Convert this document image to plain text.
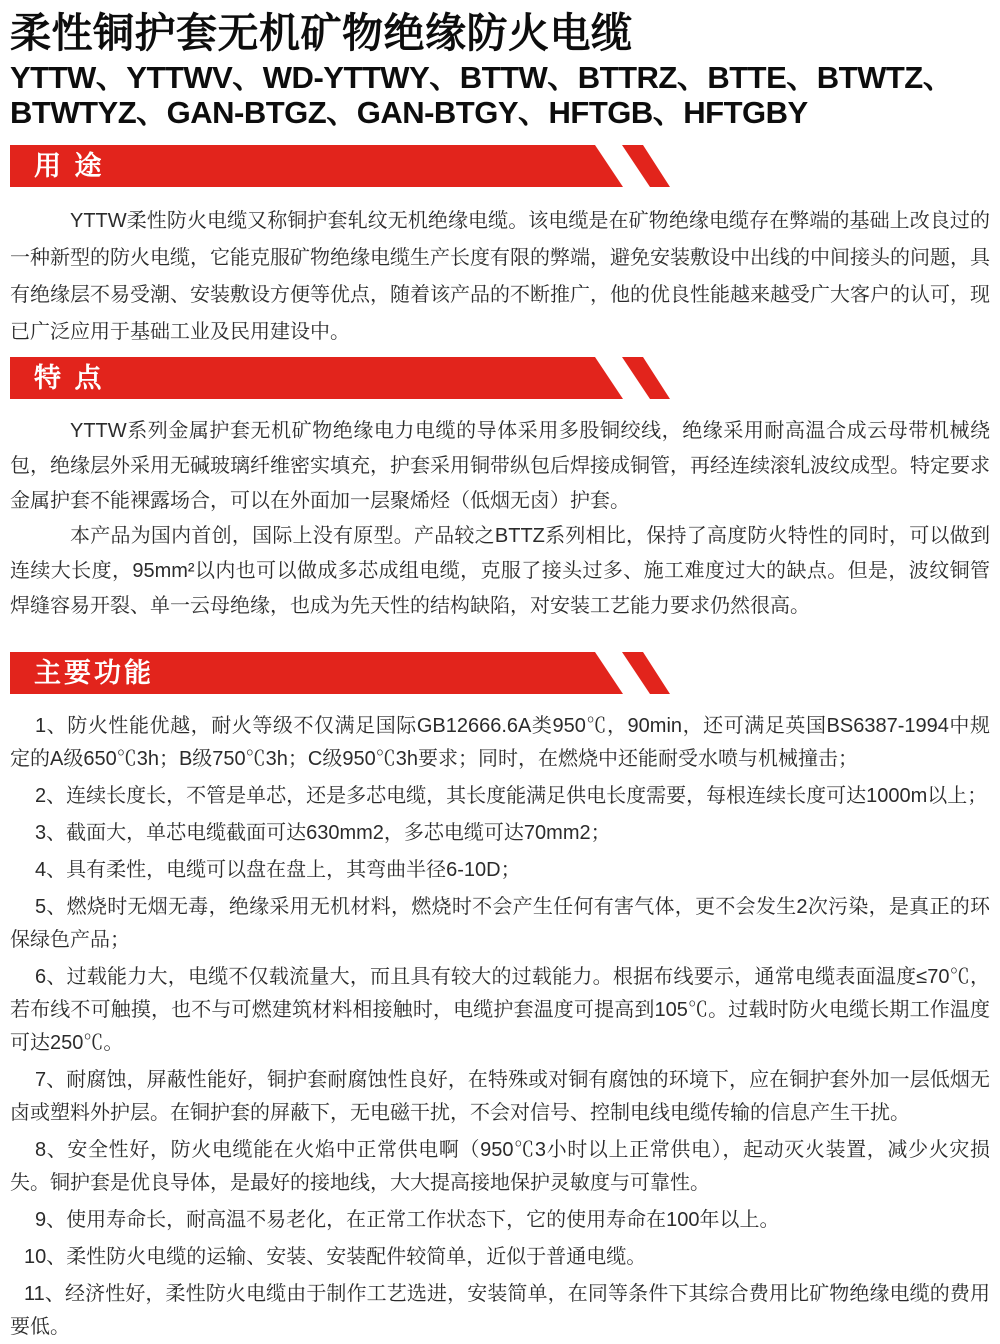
柔性铜护套无机矿物绝缘防火电缆
YTTW、YTTWV、WD-YTTWY、BTTW、BTTRZ、BTTE、BTWTZ、
BTWTYZ、GAN-BTGZ、GAN-BTGY、HFTGB、HFTGBY
用 途

YTTW柔性防火电缆又称铜护套轧纹无机绝缘电缆。该电缆是在矿物绝缘电缆存在弊端的基础上改良过的一种新型的防火电缆，它能克服矿物绝缘电缆生产长度有限的弊端，避免安装敷设中出线的中间接头的问题，具有绝缘层不易受潮、安装敷设方便等优点，随着该产品的不断推广，他的优良性能越来越受广大客户的认可，现已广泛应用于基础工业及民用建设中。

特 点

YTTW系列金属护套无机矿物绝缘电力电缆的导体采用多股铜绞线，绝缘采用耐高温合成云母带机械绕包，绝缘层外采用无碱玻璃纤维密实填充，护套采用铜带纵包后焊接成铜管，再经连续滚轧波纹成型。特定要求金属护套不能裸露场合，可以在外面加一层聚烯烃（低烟无卤）护套。

本产品为国内首创，国际上没有原型。产品较之BTTZ系列相比，保持了高度防火特性的同时，可以做到连续大长度，95mm²以内也可以做成多芯成组电缆，克服了接头过多、施工难度过大的缺点。但是，波纹铜管焊缝容易开裂、单一云母绝缘，也成为先天性的结构缺陷，对安装工艺能力要求仍然很高。

主要功能

1、防火性能优越，耐火等级不仅满足国际GB12666.6A类950℃，90min，还可满足英国BS6387-1994中规定的A级650℃3h；B级750℃3h；C级950℃3h要求；同时，在燃烧中还能耐受水喷与机械撞击；

2、连续长度长，不管是单芯，还是多芯电缆，其长度能满足供电长度需要，每根连续长度可达1000m以上；

3、截面大，单芯电缆截面可达630mm2，多芯电缆可达70mm2；

4、具有柔性，电缆可以盘在盘上，其弯曲半径6-10D；

5、燃烧时无烟无毒，绝缘采用无机材料，燃烧时不会产生任何有害气体，更不会发生2次污染，是真正的环保绿色产品；

6、过载能力大，电缆不仅载流量大，而且具有较大的过载能力。根据布线要示，通常电缆表面温度≤70℃，若布线不可触摸，也不与可燃建筑材料相接触时，电缆护套温度可提高到105℃。过载时防火电缆长期工作温度可达250℃。

7、耐腐蚀，屏蔽性能好，铜护套耐腐蚀性良好，在特殊或对铜有腐蚀的环境下，应在铜护套外加一层低烟无卤或塑料外护层。在铜护套的屏蔽下，无电磁干扰，不会对信号、控制电线电缆传输的信息产生干扰。

8、安全性好，防火电缆能在火焰中正常供电啊（950℃3小时以上正常供电），起动灭火装置，减少火灾损失。铜护套是优良导体，是最好的接地线，大大提高接地保护灵敏度与可靠性。

9、使用寿命长，耐高温不易老化，在正常工作状态下，它的使用寿命在100年以上。

10、柔性防火电缆的运输、安装、安装配件较简单，近似于普通电缆。

11、经济性好，柔性防火电缆由于制作工艺选进，安装简单，在同等条件下其综合费用比矿物绝缘电缆的费用要低。
